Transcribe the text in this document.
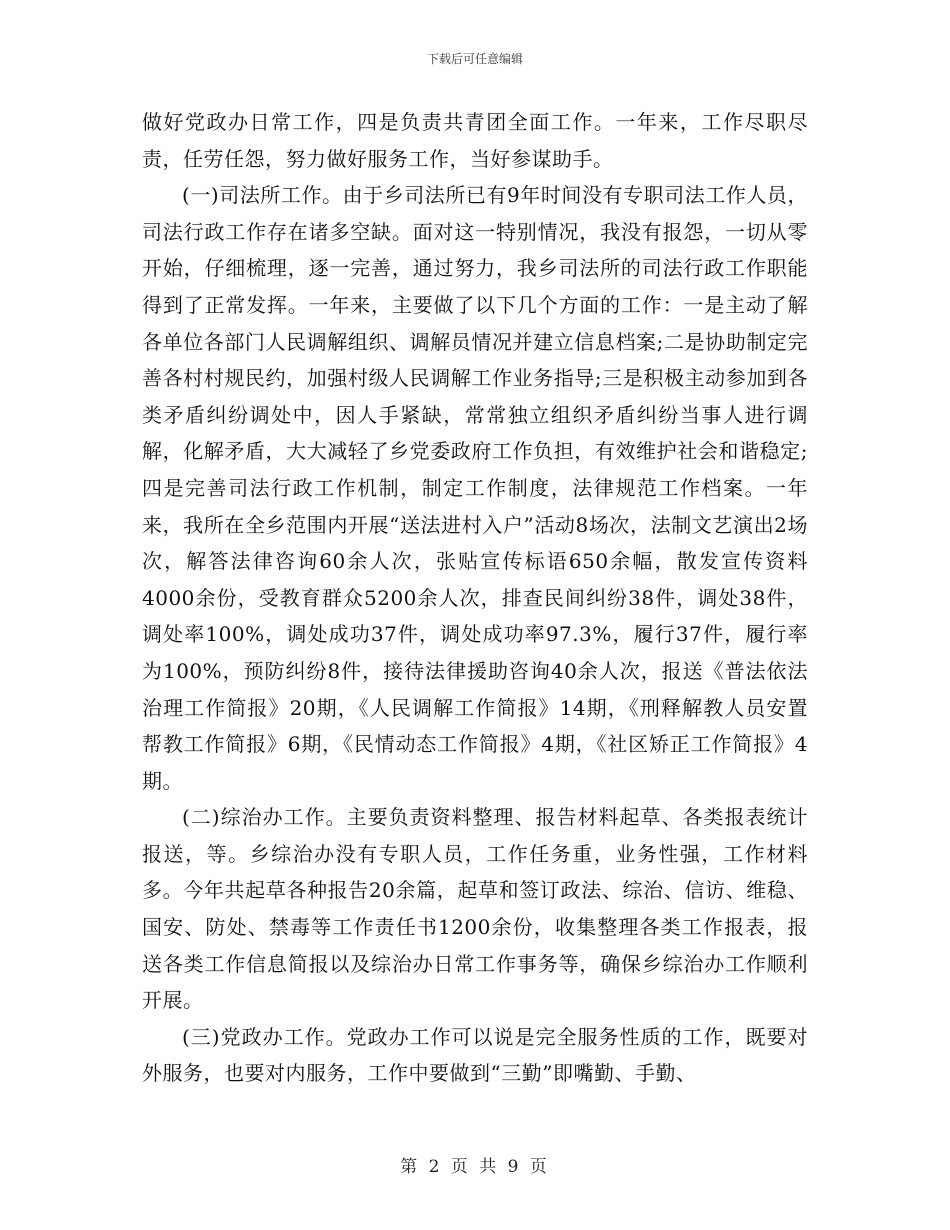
下载后可任意编辑

做好党政办日常工作，四是负责共青团全面工作。一年来，工作尽职尽责，任劳任怨，努力做好服务工作，当好参谋助手。

(一)司法所工作。由于乡司法所已有9年时间没有专职司法工作人员，司法行政工作存在诸多空缺。面对这一特别情况，我没有报怨，一切从零开始，仔细梳理，逐一完善，通过努力，我乡司法所的司法行政工作职能得到了正常发挥。一年来，主要做了以下几个方面的工作：一是主动了解各单位各部门人民调解组织、调解员情况并建立信息档案;二是协助制定完善各村村规民约，加强村级人民调解工作业务指导;三是积极主动参加到各类矛盾纠纷调处中，因人手紧缺，常常独立组织矛盾纠纷当事人进行调解，化解矛盾，大大减轻了乡党委政府工作负担，有效维护社会和谐稳定;四是完善司法行政工作机制，制定工作制度，法律规范工作档案。一年来，我所在全乡范围内开展“送法进村入户”活动8场次，法制文艺演出2场次，解答法律咨询60余人次，张贴宣传标语650余幅，散发宣传资料4000余份，受教育群众5200余人次，排查民间纠纷38件，调处38件，调处率100%，调处成功37件，调处成功率97.3%，履行37件，履行率为100%，预防纠纷8件，接待法律援助咨询40余人次，报送《普法依法治理工作简报》20期，《人民调解工作简报》14期，《刑释解教人员安置帮教工作简报》6期，《民情动态工作简报》4期，《社区矫正工作简报》4期。

(二)综治办工作。主要负责资料整理、报告材料起草、各类报表统计报送，等。乡综治办没有专职人员，工作任务重，业务性强，工作材料多。今年共起草各种报告20余篇，起草和签订政法、综治、信访、维稳、国安、防处、禁毒等工作责任书1200余份，收集整理各类工作报表，报送各类工作信息简报以及综治办日常工作事务等，确保乡综治办工作顺利开展。

(三)党政办工作。党政办工作可以说是完全服务性质的工作，既要对外服务，也要对内服务，工作中要做到“三勤”即嘴勤、手勤、

第 2 页 共 9 页
